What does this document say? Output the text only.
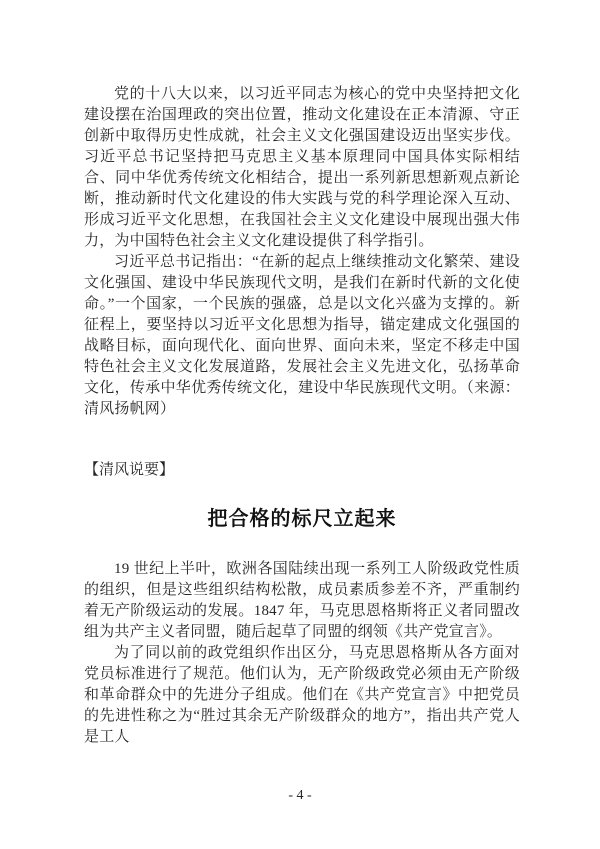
党的十八大以来，以习近平同志为核心的党中央坚持把文化建设摆在治国理政的突出位置，推动文化建设在正本清源、守正创新中取得历史性成就，社会主义文化强国建设迈出坚实步伐。习近平总书记坚持把马克思主义基本原理同中国具体实际相结合、同中华优秀传统文化相结合，提出一系列新思想新观点新论断，推动新时代文化建设的伟大实践与党的科学理论深入互动、形成习近平文化思想，在我国社会主义文化建设中展现出强大伟力，为中国特色社会主义文化建设提供了科学指引。

习近平总书记指出：“在新的起点上继续推动文化繁荣、建设文化强国、建设中华民族现代文明，是我们在新时代新的文化使命。”一个国家，一个民族的强盛，总是以文化兴盛为支撑的。新征程上，要坚持以习近平文化思想为指导，锚定建成文化强国的战略目标，面向现代化、面向世界、面向未来，坚定不移走中国特色社会主义文化发展道路，发展社会主义先进文化，弘扬革命文化，传承中华优秀传统文化，建设中华民族现代文明。（来源：清风扬帆网）

【清风说要】
把合格的标尺立起来

19 世纪上半叶，欧洲各国陆续出现一系列工人阶级政党性质的组织，但是这些组织结构松散，成员素质参差不齐，严重制约着无产阶级运动的发展。1847 年，马克思恩格斯将正义者同盟改组为共产主义者同盟，随后起草了同盟的纲领《共产党宣言》。

为了同以前的政党组织作出区分，马克思恩格斯从各方面对党员标准进行了规范。他们认为，无产阶级政党必须由无产阶级和革命群众中的先进分子组成。他们在《共产党宣言》中把党员的先进性称之为“胜过其余无产阶级群众的地方”，指出共产党人是工人

- 4 -
